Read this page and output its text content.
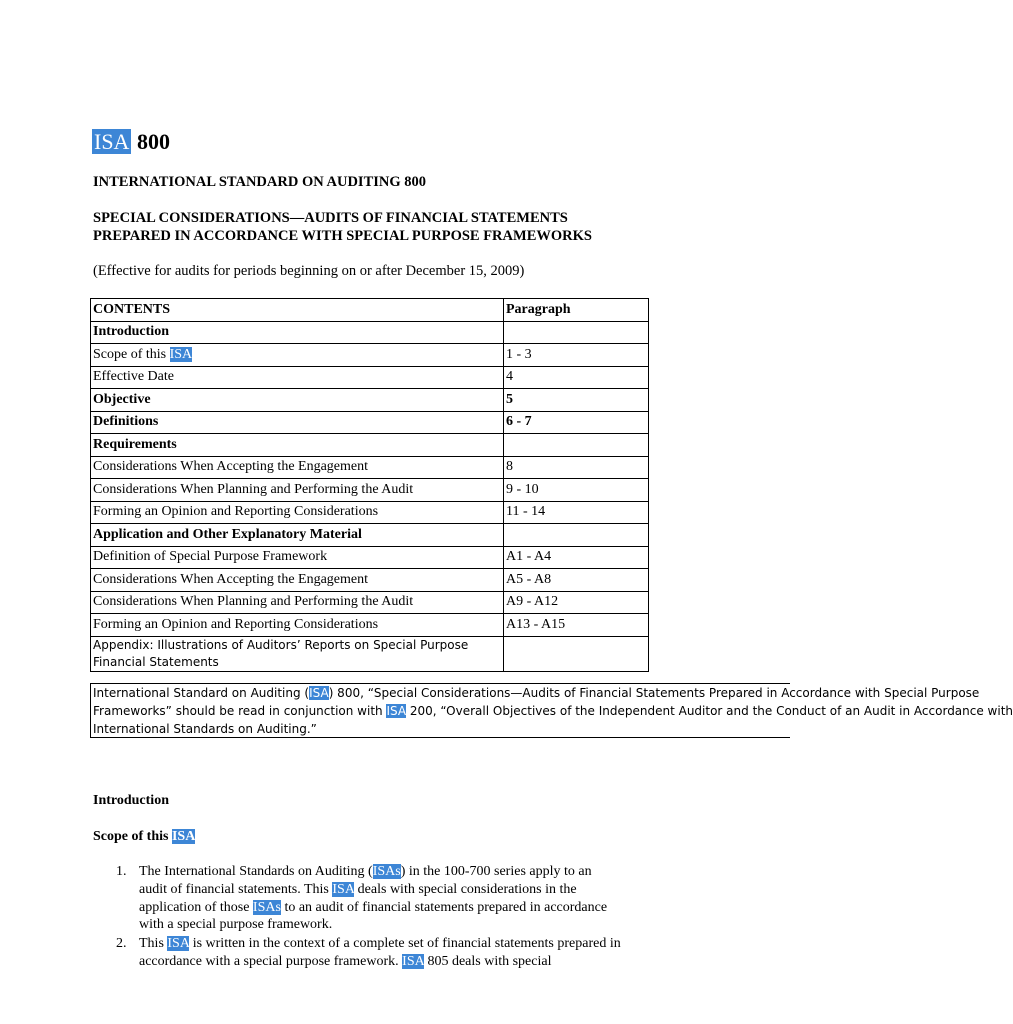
ISA 800
INTERNATIONAL STANDARD ON AUDITING 800
SPECIAL CONSIDERATIONS—AUDITS OF FINANCIAL STATEMENTS
PREPARED IN ACCORDANCE WITH SPECIAL PURPOSE FRAMEWORKS
(Effective for audits for periods beginning on or after December 15, 2009)
CONTENTS	Paragraph
Introduction	
Scope of this ISA	1 - 3
Effective Date	4
Objective	5
Definitions	6 - 7
Requirements	
Considerations When Accepting the Engagement	8
Considerations When Planning and Performing the Audit	9 - 10
Forming an Opinion and Reporting Considerations	11 - 14
Application and Other Explanatory Material	
Definition of Special Purpose Framework	A1 - A4
Considerations When Accepting the Engagement	A5 - A8
Considerations When Planning and Performing the Audit	A9 - A12
Forming an Opinion and Reporting Considerations	A13 - A15
Appendix: Illustrations of Auditors’ Reports on Special Purpose
Financial Statements	
International Standard on Auditing (ISA) 800, “Special Considerations—Audits of Financial Statements Prepared in Accordance with Special Purpose
Frameworks” should be read in conjunction with ISA 200, “Overall Objectives of the Independent Auditor and the Conduct of an Audit in Accordance with
International Standards on Auditing.”
Introduction
Scope of this ISA
1. The International Standards on Auditing (ISAs) in the 100-700 series apply to an
audit of financial statements. This ISA deals with special considerations in the
application of those ISAs to an audit of financial statements prepared in accordance
with a special purpose framework.
2. This ISA is written in the context of a complete set of financial statements prepared in
accordance with a special purpose framework. ISA 805 deals with special
